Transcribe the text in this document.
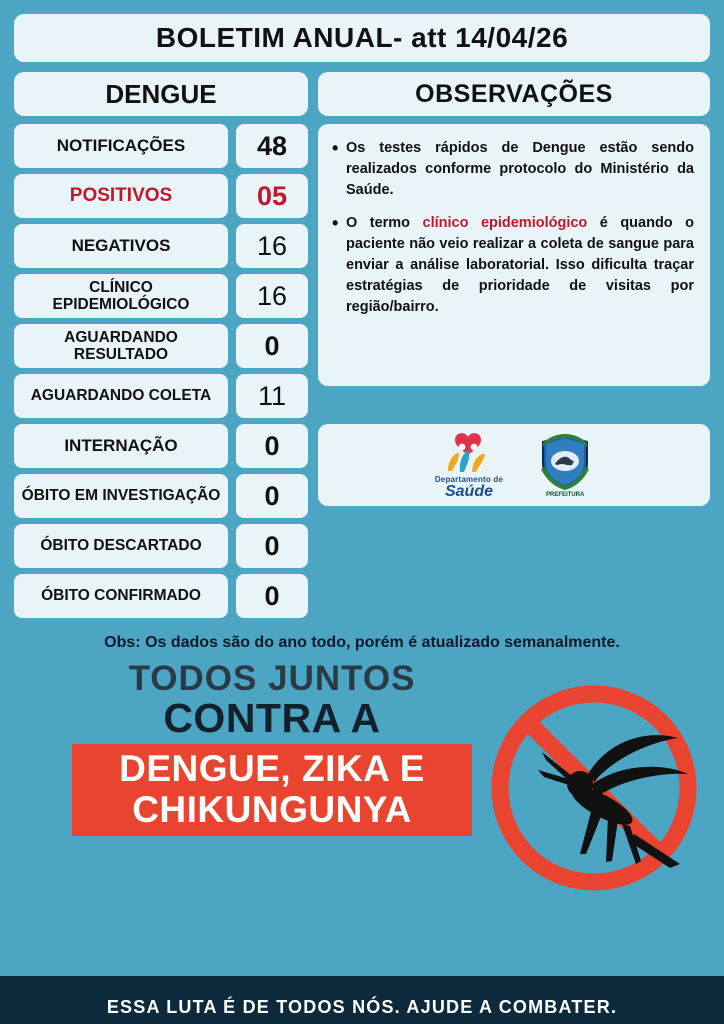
BOLETIM ANUAL- att 14/04/26
DENGUE
NOTIFICAÇÕES	48
POSITIVOS	05
NEGATIVOS	16
CLÍNICO EPIDEMIOLÓGICO	16
AGUARDANDO RESULTADO	0
AGUARDANDO COLETA	11
INTERNAÇÃO	0
ÓBITO EM INVESTIGAÇÃO	0
ÓBITO DESCARTADO	0
ÓBITO CONFIRMADO	0
OBSERVAÇÕES
• Os testes rápidos de Dengue estão sendo realizados conforme protocolo do Ministério da Saúde.
• O termo clínico epidemiológico é quando o paciente não veio realizar a coleta de sangue para enviar a análise laboratorial. Isso dificulta traçar estratégias de prioridade de visitas por região/bairro.
Departamento de
Saúde	PREFEITURA
Obs: Os dados são do ano todo, porém é atualizado semanalmente.
TODOS JUNTOS
CONTRA A
DENGUE, ZIKA E
CHIKUNGUNYA
ESSA LUTA É DE TODOS NÓS. AJUDE A COMBATER.
